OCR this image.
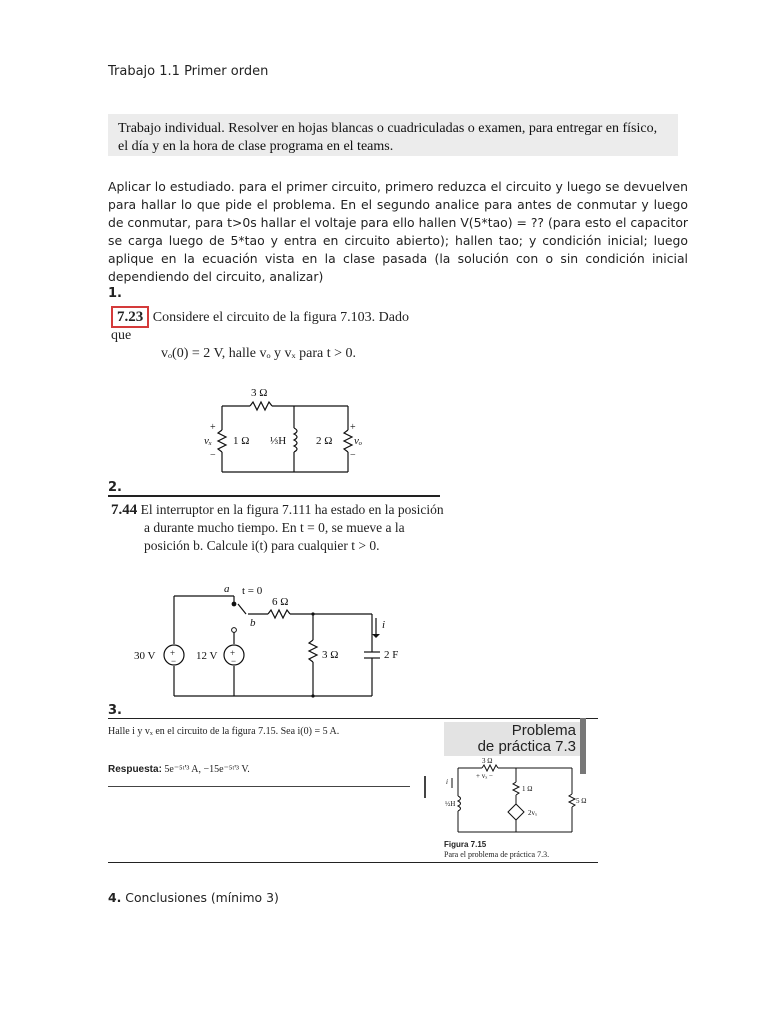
Trabajo 1.1 Primer orden

Trabajo individual. Resolver en hojas blancas o cuadriculadas o examen, para entregar en físico, el día y en la hora de clase programa en el teams.

Aplicar lo estudiado. para el primer circuito, primero reduzca el circuito y luego se devuelven para hallar lo que pide el problema. En el segundo analice para antes de conmutar y luego de conmutar, para t>0s hallar el voltaje para ello hallen V(5*tao) = ?? (para esto el capacitor se carga luego de 5*tao y entra en circuito abierto); hallen tao; y condición inicial; luego aplique en la ecuación vista en la clase pasada (la solución con o sin condición inicial dependiendo del circuito, analizar)
1.
7.23 Considere el circuito de la figura 7.103. Dado que
vₒ(0) = 2 V, halle vₒ y vₓ para t > 0.
3 Ω
1 Ω ⅓H	2 Ω
+
vₓ
−
+
vₒ
−
2.
7.44 El interruptor en la figura 7.111 ha estado en la posición
a durante mucho tiempo. En t = 0, se mueve a la
posición b. Calcule i(t) para cualquier t > 0.
+
−
+
−
30 V	12 V
a t = 0
b
6 Ω
3 Ω	2 F
i
3.
Halle i y vₓ en el circuito de la figura 7.15. Sea i(0) = 5 A.
Respuesta: 5e⁻⁵ᵗ'³ A, −15e⁻⁵ᵗ'³ V.
Problema
de práctica 7.3
3 Ω
+ vₓ −
1 Ω
5 Ω
½H
2vₓ
i
Figura 7.15
Para el problema de práctica 7.3.
4. Conclusiones (mínimo 3)
